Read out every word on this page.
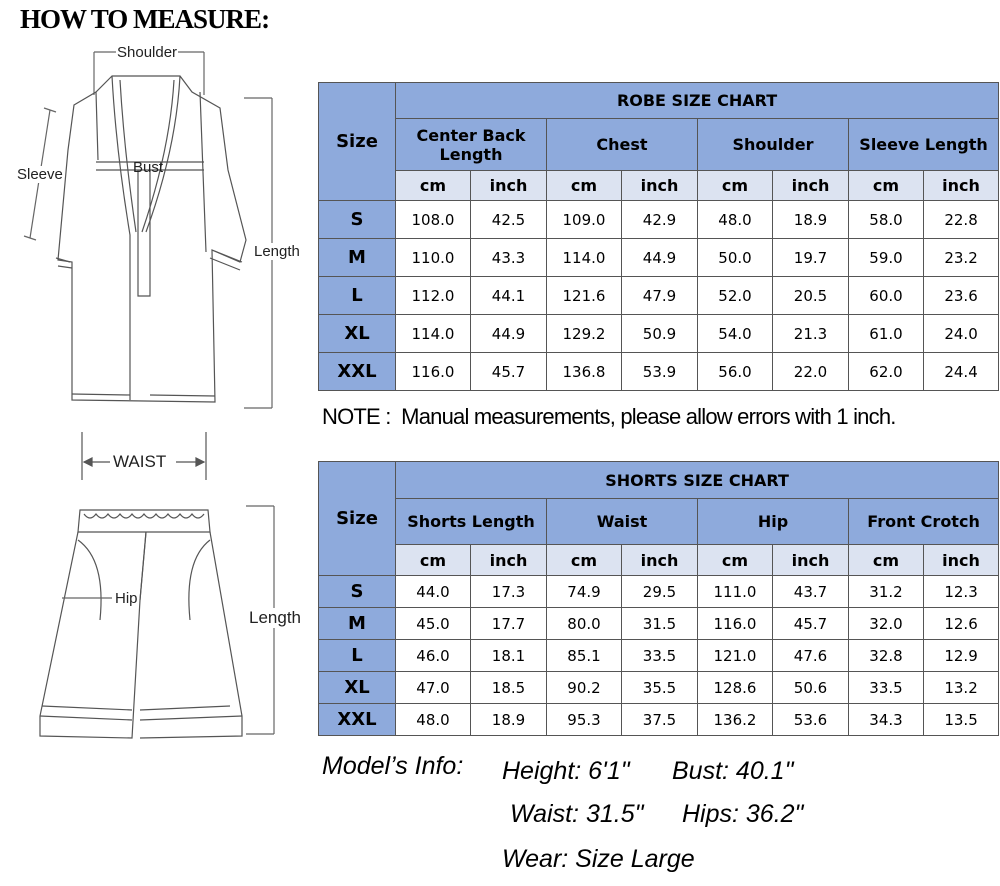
HOW TO MEASURE:
Shoulder
Bust
Sleeve
Length
WAIST
Hip
Length
Size	ROBE SIZE CHART							
	Center Back Length		Chest		Shoulder		Sleeve Length	
	cm	inch	cm	inch	cm	inch	cm	inch
S	108.0	42.5	109.0	42.9	48.0	18.9	58.0	22.8
M	110.0	43.3	114.0	44.9	50.0	19.7	59.0	23.2
L	112.0	44.1	121.6	47.9	52.0	20.5	60.0	23.6
XL	114.0	44.9	129.2	50.9	54.0	21.3	61.0	24.0
XXL	116.0	45.7	136.8	53.9	56.0	22.0	62.0	24.4

NOTE : Manual measurements, please allow errors with 1 inch.

Size	SHORTS SIZE CHART							
	Shorts Length		Waist		Hip		Front Crotch	
	cm	inch	cm	inch	cm	inch	cm	inch
S	44.0	17.3	74.9	29.5	111.0	43.7	31.2	12.3
M	45.0	17.7	80.0	31.5	116.0	45.7	32.0	12.6
L	46.0	18.1	85.1	33.5	121.0	47.6	32.8	12.9
XL	47.0	18.5	90.2	35.5	128.6	50.6	33.5	13.2
XXL	48.0	18.9	95.3	37.5	136.2	53.6	34.3	13.5

Model’s Info: Height: 6'1" Bust: 40.1"

Waist: 31.5" Hips: 36.2"

Wear: Size Large
